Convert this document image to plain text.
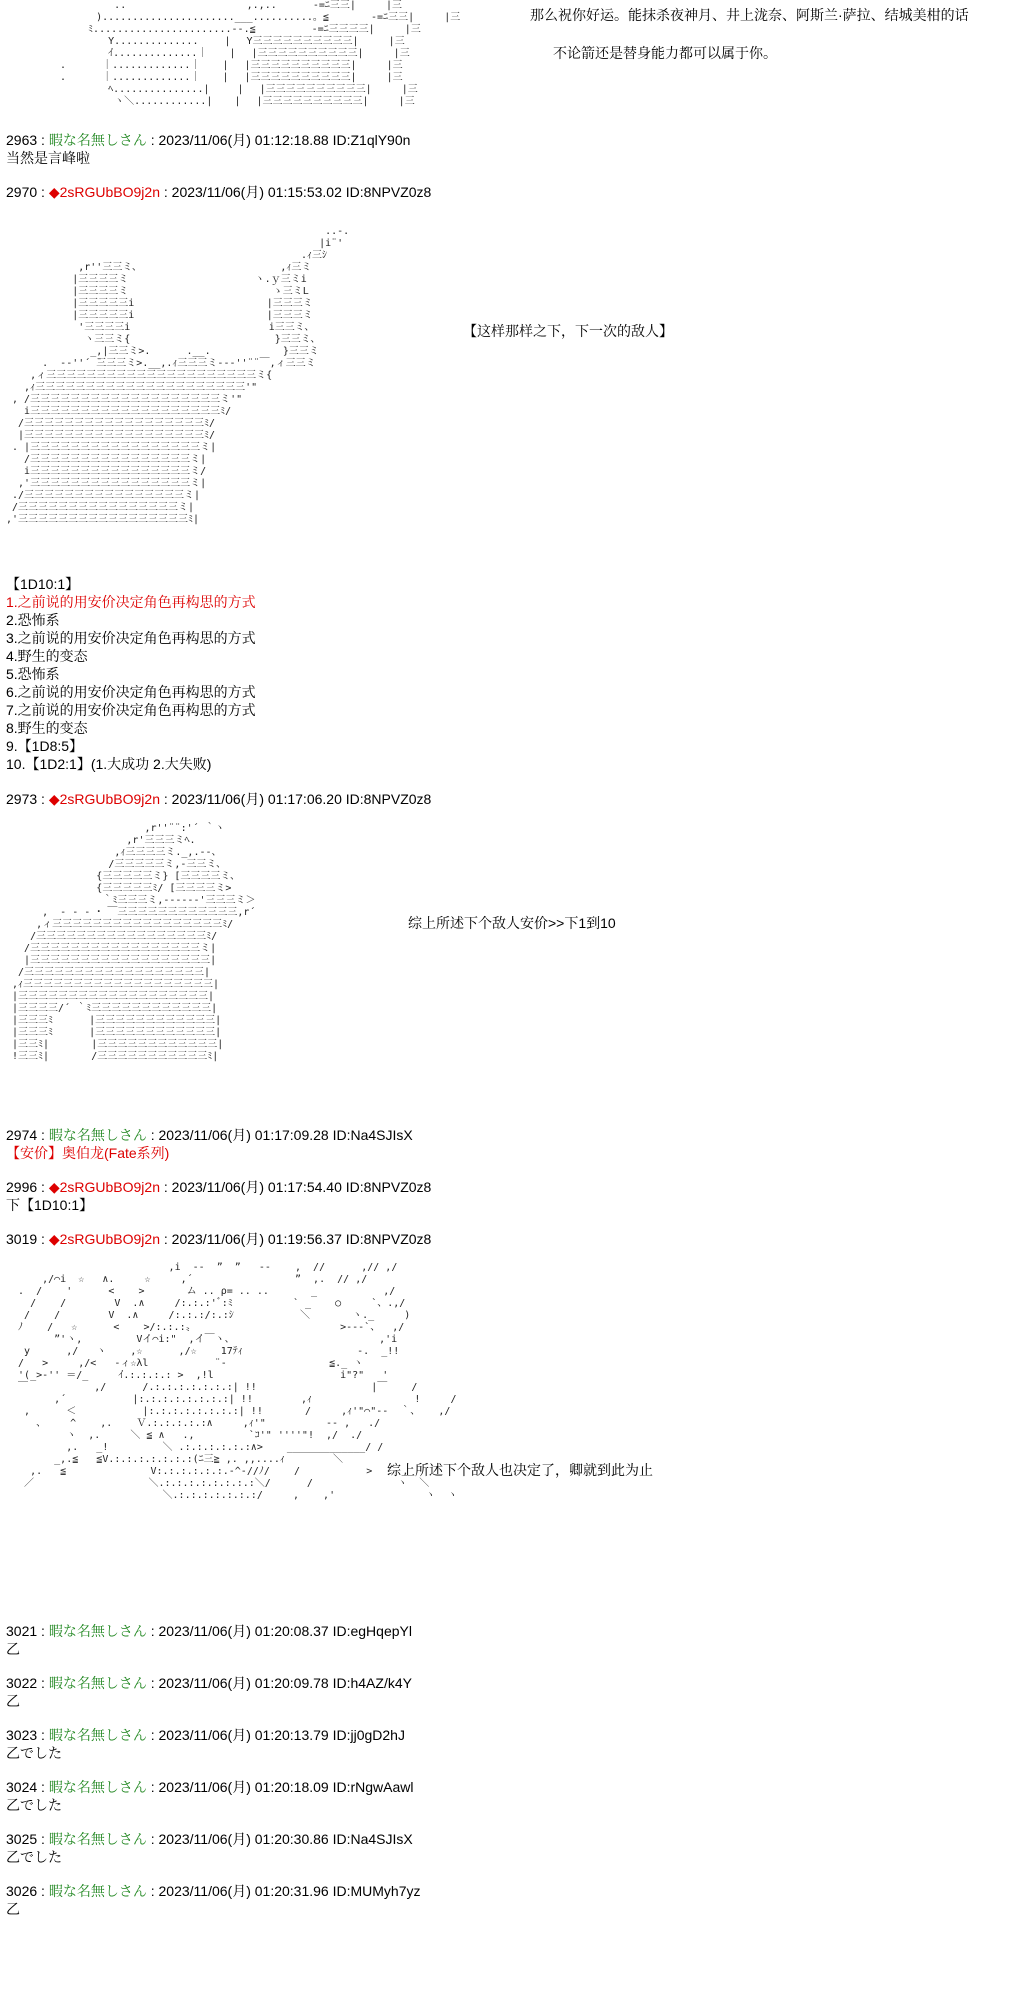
..                    ,.,..      ‐=ﾆ三三|     |三
)......................___..........。≦       ‐=ﾆ三三|     |三
　ﾐ.......................‐-.≦ 　　　　　‐=ﾆ三三三三|     |三
Y.............. 　　|　 Y三三三三三三三三三三|     |三
ｲ..............｜　  |　 |三三三三三三三三三三|     |三
.      ｜.............｜　  |　 |三三三三三三三三三三|     |三
.      ｜.............｜　  |　 |三三三三三三三三三三|     |三
ﾍ...............|　   |　 |三三三三三三三三三三|     |三
ヽ＼............|　  |　 |三三三三三三三三三三|     |三
那么祝你好运。能抹杀夜神月、井上泷奈、阿斯兰·萨拉、结城美柑的话
不论箭还是替身能力都可以属于你。
2963 : 暇な名無しさん : 2023/11/06(月) 01:12:18.88 ID:Z1qlY90n
当然是言峰啦
2970 : ◆2sRGUbBO9j2n : 2023/11/06(月) 01:15:53.02 ID:8NPVZ0z8
..-.
|i¨'
.ｨ三ｼ
,r''三三ミ、                       ,ｨ三ミ
|三三三三ミ                     ヽ.ｙ三ミi
|三三三三ミ                        ゝ三ミL
|三三三三三i                      |三三三ミ
|三三三三三i                      |三三三ミ
'三三三三i                       i三三ミ、
ヽ三三ミ{                        }三三ミ、
_,|三三ミ>.      .__.            }三三ミ
.  -‐''´ ̄三三三ミ>.__,.ｨ三三三ミ‐-‐''¨¨￣,ィ三三ミ
,ィ三三三三三三三三三三三三三三三三三三三三三ミ{
,ｨ三三三三三三三三三三三三三三三三三三三三三'"
, /三三三三三三三三三三三三三三三三三三三ミ'"
i三三三三三三三三三三三三三三三三三三三ﾐ/
/三三三三三三三三三三三三三三三三三三ﾐ/
|三三三三三三三三三三三三三三三三三三ﾐ/
. |三三三三三三三三三三三三三三三三三ミ|
/三三三三三三三三三三三三三三三三ミ|
i三三三三三三三三三三三三三三三三ミ/
,'三三三三三三三三三三三三三三三三ミ|
./三三三三三三三三三三三三三三三三ミ|
/三三三三三三三三三三三三三三三三ミ|
,'三三三三三三三三三三三三三三三三三ﾐ|
【这样那样之下，下一次的敌人】
【1D10:1】
1.之前说的用安价决定角色再构思的方式
2.恐怖系
3.之前说的用安价决定角色再构思的方式
4.野生的变态
5.恐怖系
6.之前说的用安价决定角色再构思的方式
7.之前说的用安价决定角色再构思的方式
8.野生的变态
9.【1D8:5】
10.【1D2:1】(1.大成功 2.大失败)
2973 : ◆2sRGUbBO9j2n : 2023/11/06(月) 01:17:06.20 ID:8NPVZ0z8
,r''¨¨:'´ ｀ヽ
,r'三三三ミﾍ.
,ｨ三三三三ミ._,.-‐、
/三三三三三ミ,-三三ミ、
{三三三三三ミ} [三三三三ミ、
{三三三三三ﾐ/ [三三三三ミ>
｀ﾐ三三三ミ,-‐---‐'三三三ミ＞
,  - ‐ ‐ ･ ￣三三三三三三三三三三三三,r´
,ィ三三三三三三三三三三三三三三三三三ﾐ/
/三三三三三三三三三三三三三三三三三ﾐ/
/三三三三三三三三三三三三三三三三三ミ|
|三三三三三三三三三三三三三三三三三三|
/三三三三三三三三三三三三三三三三三三|
,ｨ三三三三三三三三三三三三三三三三三三三|
|三三三三三三三三三三三三三三三三三三三|
|三三三三/´ ｀ﾐ三三三三三三三三三三三三|
|三三三ﾐ      |三三三三三三三三三三三三|
|三三三ﾐ      |三三三三三三三三三三三三|
|三三ﾐ|       |三三三三三三三三三三三三|
!三三ﾐ|       /三三三三三三三三三三三ﾐ|
综上所述下个敌人安价>>下1到10
2974 : 暇な名無しさん : 2023/11/06(月) 01:17:09.28 ID:Na4SJIsX
【安价】奥伯龙(Fate系列)
2996 : ◆2sRGUbBO9j2n : 2023/11/06(月) 01:17:54.40 ID:8NPVZ0z8
下【1D10:1】
3019 : ◆2sRGUbBO9j2n : 2023/11/06(月) 01:19:56.37 ID:8NPVZ0z8
,i  --  ”  ”   --    ,  //      ,// ,/
,/⌒i  ☆   ∧.     ☆     ,´                 ”  ,.  // ,/
.  /    '      <    >       ム .. ρ= .. ..       _           ,/
/    /        V  .∧     /:.:.:'ﾞ:ﾐ          ` _    ○     `、.,/
/    /        V  .∧     /:.:.:/:.:ｼ           ＼       ヽ._     )
ﾉ    /   ☆      <    >/:.:.:〟                        >--‐`、  ,/
”'ヽ,         Vイ⌒i:"  ,イ￣ヽ、                        ,'i
y      ,/   ヽ    ,☆      ,/☆    17ﾃｨ                   ‐.  _!!
/   >     ,/<   ‐ィ☆λl           ¨‐                 ≦._ ヽ
'(_>‐'' ＝/_     ｲ.:.:.:.: >  ,!l                     i"?"   '
￣           ,/      /.:.:.:.:.:.:.:| !!                   |￣    /
,´           |:.:.:.:.:.:.:.:| !!        ,ｨ                 !     /
,      ＜           |:.:.:.:.:.:.:.:| !!       /     ,ｨ'"⌒"--  ｀、   ,/
、    ^    ,.    Ｖ.:.:.:.:.:∧     ,ｨ'"          -- ,   ./
ヽ  ,.     ＼ ≦ ∧   .,         `ｺ'" ''''"!  ,/  ./
,.   _!         ＼ .:.:.:.:.:.:∧>    _____________/ /
_,.≦   ≦V.:.:.:.:.:.:.:(ﾆ三≧ ,. ,,....ｨ        ＼
,.   ≦              V:.:.:.:.:.:.‐^‐//ﾉ/    /           >     ,
／                   ＼.:.:.:.:.:.:.:.:＼/      /              ヽ  ＼
＼.:.:.:.:.:.:.:/     ,    ,'               ヽ  ヽ
综上所述下个敌人也决定了，卿就到此为止
3021 : 暇な名無しさん : 2023/11/06(月) 01:20:08.37 ID:egHqepYl
乙
3022 : 暇な名無しさん : 2023/11/06(月) 01:20:09.78 ID:h4AZ/k4Y
乙
3023 : 暇な名無しさん : 2023/11/06(月) 01:20:13.79 ID:jj0gD2hJ
乙でした
3024 : 暇な名無しさん : 2023/11/06(月) 01:20:18.09 ID:rNgwAawl
乙でした
3025 : 暇な名無しさん : 2023/11/06(月) 01:20:30.86 ID:Na4SJIsX
乙でした
3026 : 暇な名無しさん : 2023/11/06(月) 01:20:31.96 ID:MUMyh7yz
乙
